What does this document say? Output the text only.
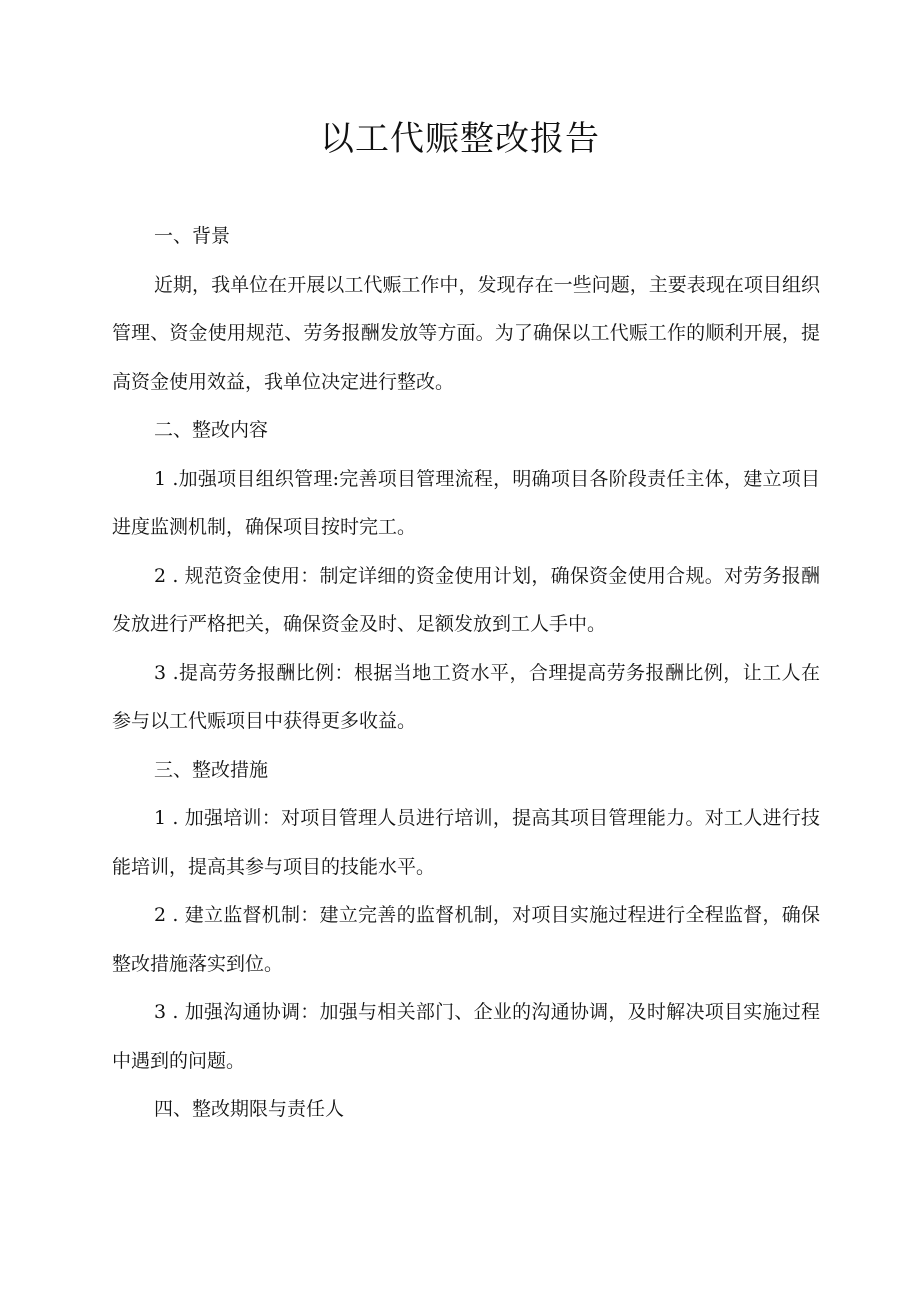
以工代赈整改报告

一、背景

近期，我单位在开展以工代赈工作中，发现存在一些问题，主要表现在项目组织管理、资金使用规范、劳务报酬发放等方面。为了确保以工代赈工作的顺利开展，提高资金使用效益，我单位决定进行整改。

二、整改内容

1 .加强项目组织管理:完善项目管理流程，明确项目各阶段责任主体，建立项目进度监测机制，确保项目按时完工。

2 . 规范资金使用：制定详细的资金使用计划，确保资金使用合规。对劳务报酬发放进行严格把关，确保资金及时、足额发放到工人手中。

3 .提高劳务报酬比例：根据当地工资水平，合理提高劳务报酬比例，让工人在参与以工代赈项目中获得更多收益。

三、整改措施

1 . 加强培训：对项目管理人员进行培训，提高其项目管理能力。对工人进行技能培训，提高其参与项目的技能水平。

2 . 建立监督机制：建立完善的监督机制，对项目实施过程进行全程监督，确保整改措施落实到位。

3 . 加强沟通协调：加强与相关部门、企业的沟通协调，及时解决项目实施过程中遇到的问题。

四、整改期限与责任人
